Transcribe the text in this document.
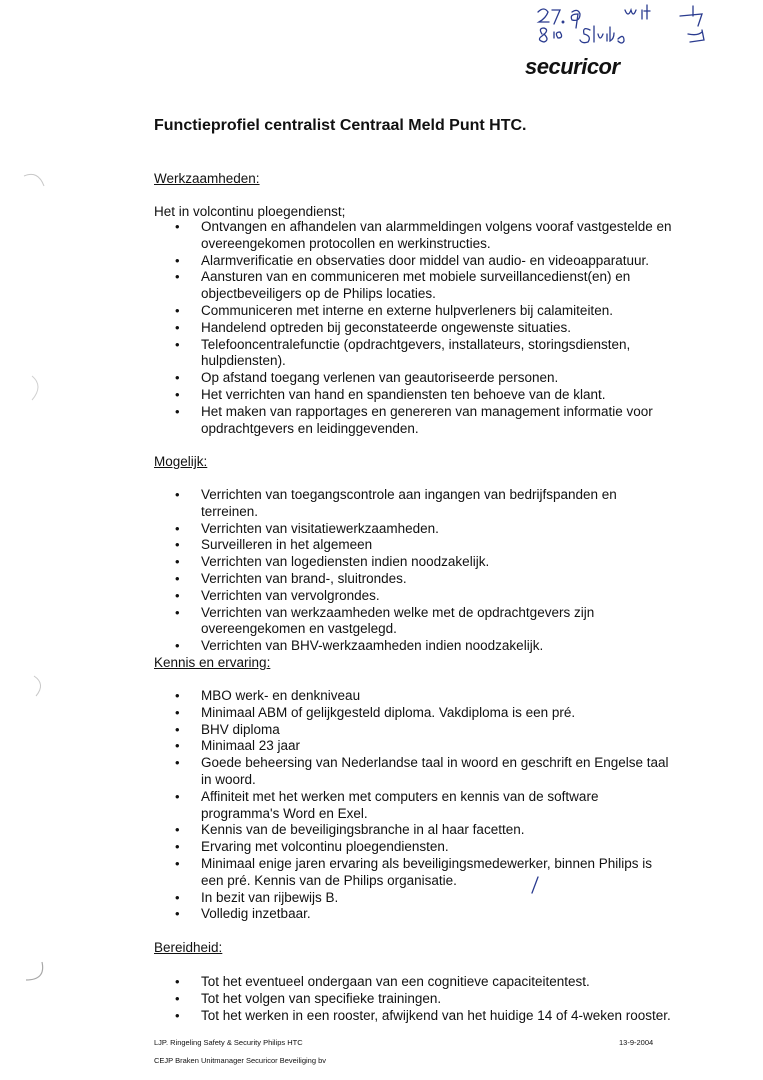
securicor
Functieprofiel centralist Centraal Meld Punt HTC.

Werkzaamheden:

Het in volcontinu ploegendienst;

• Ontvangen en afhandelen van alarmmeldingen volgens vooraf vastgestelde en overeengekomen protocollen en werkinstructies.
• Alarmverificatie en observaties door middel van audio- en videoapparatuur.
• Aansturen van en communiceren met mobiele surveillancedienst(en) en objectbeveiligers op de Philips locaties.
• Communiceren met interne en externe hulpverleners bij calamiteiten.
• Handelend optreden bij geconstateerde ongewenste situaties.
• Telefooncentralefunctie (opdrachtgevers, installateurs, storingsdiensten, hulpdiensten).
• Op afstand toegang verlenen van geautoriseerde personen.
• Het verrichten van hand en spandiensten ten behoeve van de klant.
• Het maken van rapportages en genereren van management informatie voor opdrachtgevers en leidinggevenden.

Mogelijk:

• Verrichten van toegangscontrole aan ingangen van bedrijfspanden en terreinen.
• Verrichten van visitatiewerkzaamheden.
• Surveilleren in het algemeen
• Verrichten van logediensten indien noodzakelijk.
• Verrichten van brand-, sluitrondes.
• Verrichten van vervolgrondes.
• Verrichten van werkzaamheden welke met de opdrachtgevers zijn overeengekomen en vastgelegd.
• Verrichten van BHV-werkzaamheden indien noodzakelijk.

Kennis en ervaring:

• MBO werk- en denkniveau
• Minimaal ABM of gelijkgesteld diploma. Vakdiploma is een pré.
• BHV diploma
• Minimaal 23 jaar
• Goede beheersing van Nederlandse taal in woord en geschrift en Engelse taal in woord.
• Affiniteit met het werken met computers en kennis van de software programma's Word en Exel.
• Kennis van de beveiligingsbranche in al haar facetten.
• Ervaring met volcontinu ploegendiensten.
• Minimaal enige jaren ervaring als beveiligingsmedewerker, binnen Philips is een pré. Kennis van de Philips organisatie.
• In bezit van rijbewijs B.
• Volledig inzetbaar.

Bereidheid:

• Tot het eventueel ondergaan van een cognitieve capaciteitentest.
• Tot het volgen van specifieke trainingen.
• Tot het werken in een rooster, afwijkend van het huidige 14 of 4-weken rooster.

LJP. Ringeling Safety & Security Philips HTC

CEJP Braken Unitmanager Securicor Beveiliging bv

13-9-2004
